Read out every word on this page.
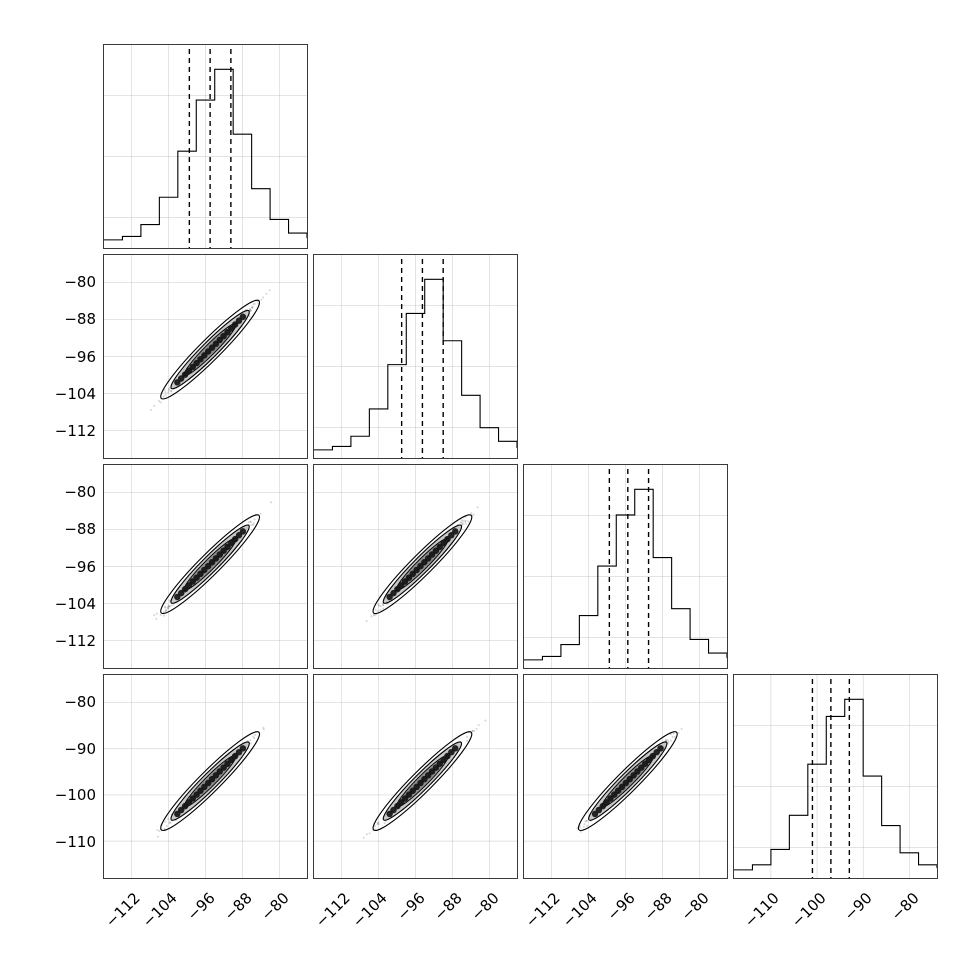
−80
−88
−96
−104
−112
−80
−88
−96
−104
−112
−80
−90
−100
−110
−112
−104 −96 −88 −80	−112
−104 −96 −88 −80	−112
−104 −96 −88 −80	−110 −100 −90 −80
